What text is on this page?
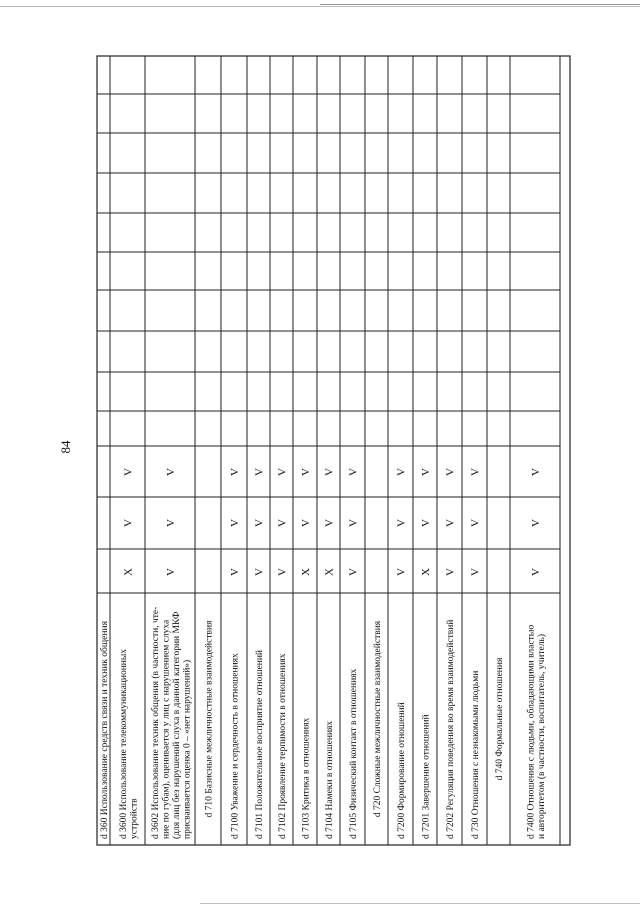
84
d 360 Использование средств связи и техник общения d 3600 Использование телекоммуникационных устройств
Х
V
V
d 3602 Использование техник общения (в частности, чте- ние по губам), оценивается у лиц с нарушением слуха (для лиц без нарушений слуха в данной категории МКФ присваивается оценка 0 – «нет нарушений»)
V
V
V
d 710 Базисные межличностные взаимодействия d 7100 Уважение и сердечность в отношениях
V
V
V
d 7101 Положительное восприятие отношений
V
V
V
d 7102 Проявление терпимости в отношениях
V
V
V
d 7103 Критика в отношениях
Х
V
V
d 7104 Намеки в отношениях
Х
V
V
d 7105 Физический контакт в отношениях
V
V
V
d 720 Сложные межличностные взаимодействия d 7200 Формирование отношений
V
V
V
d 7201 Завершение отношений
Х
V
V
d 7202 Регуляция поведения во время взаимодействий
V
V
V
d 730 Отношения с незнакомыми людьми
V
V
V
d 740 Формальные отношения d 7400 Отношения с людьми, обладающими властью и авторитетом (в частности, воспитатель, учитель)
V
V
V
